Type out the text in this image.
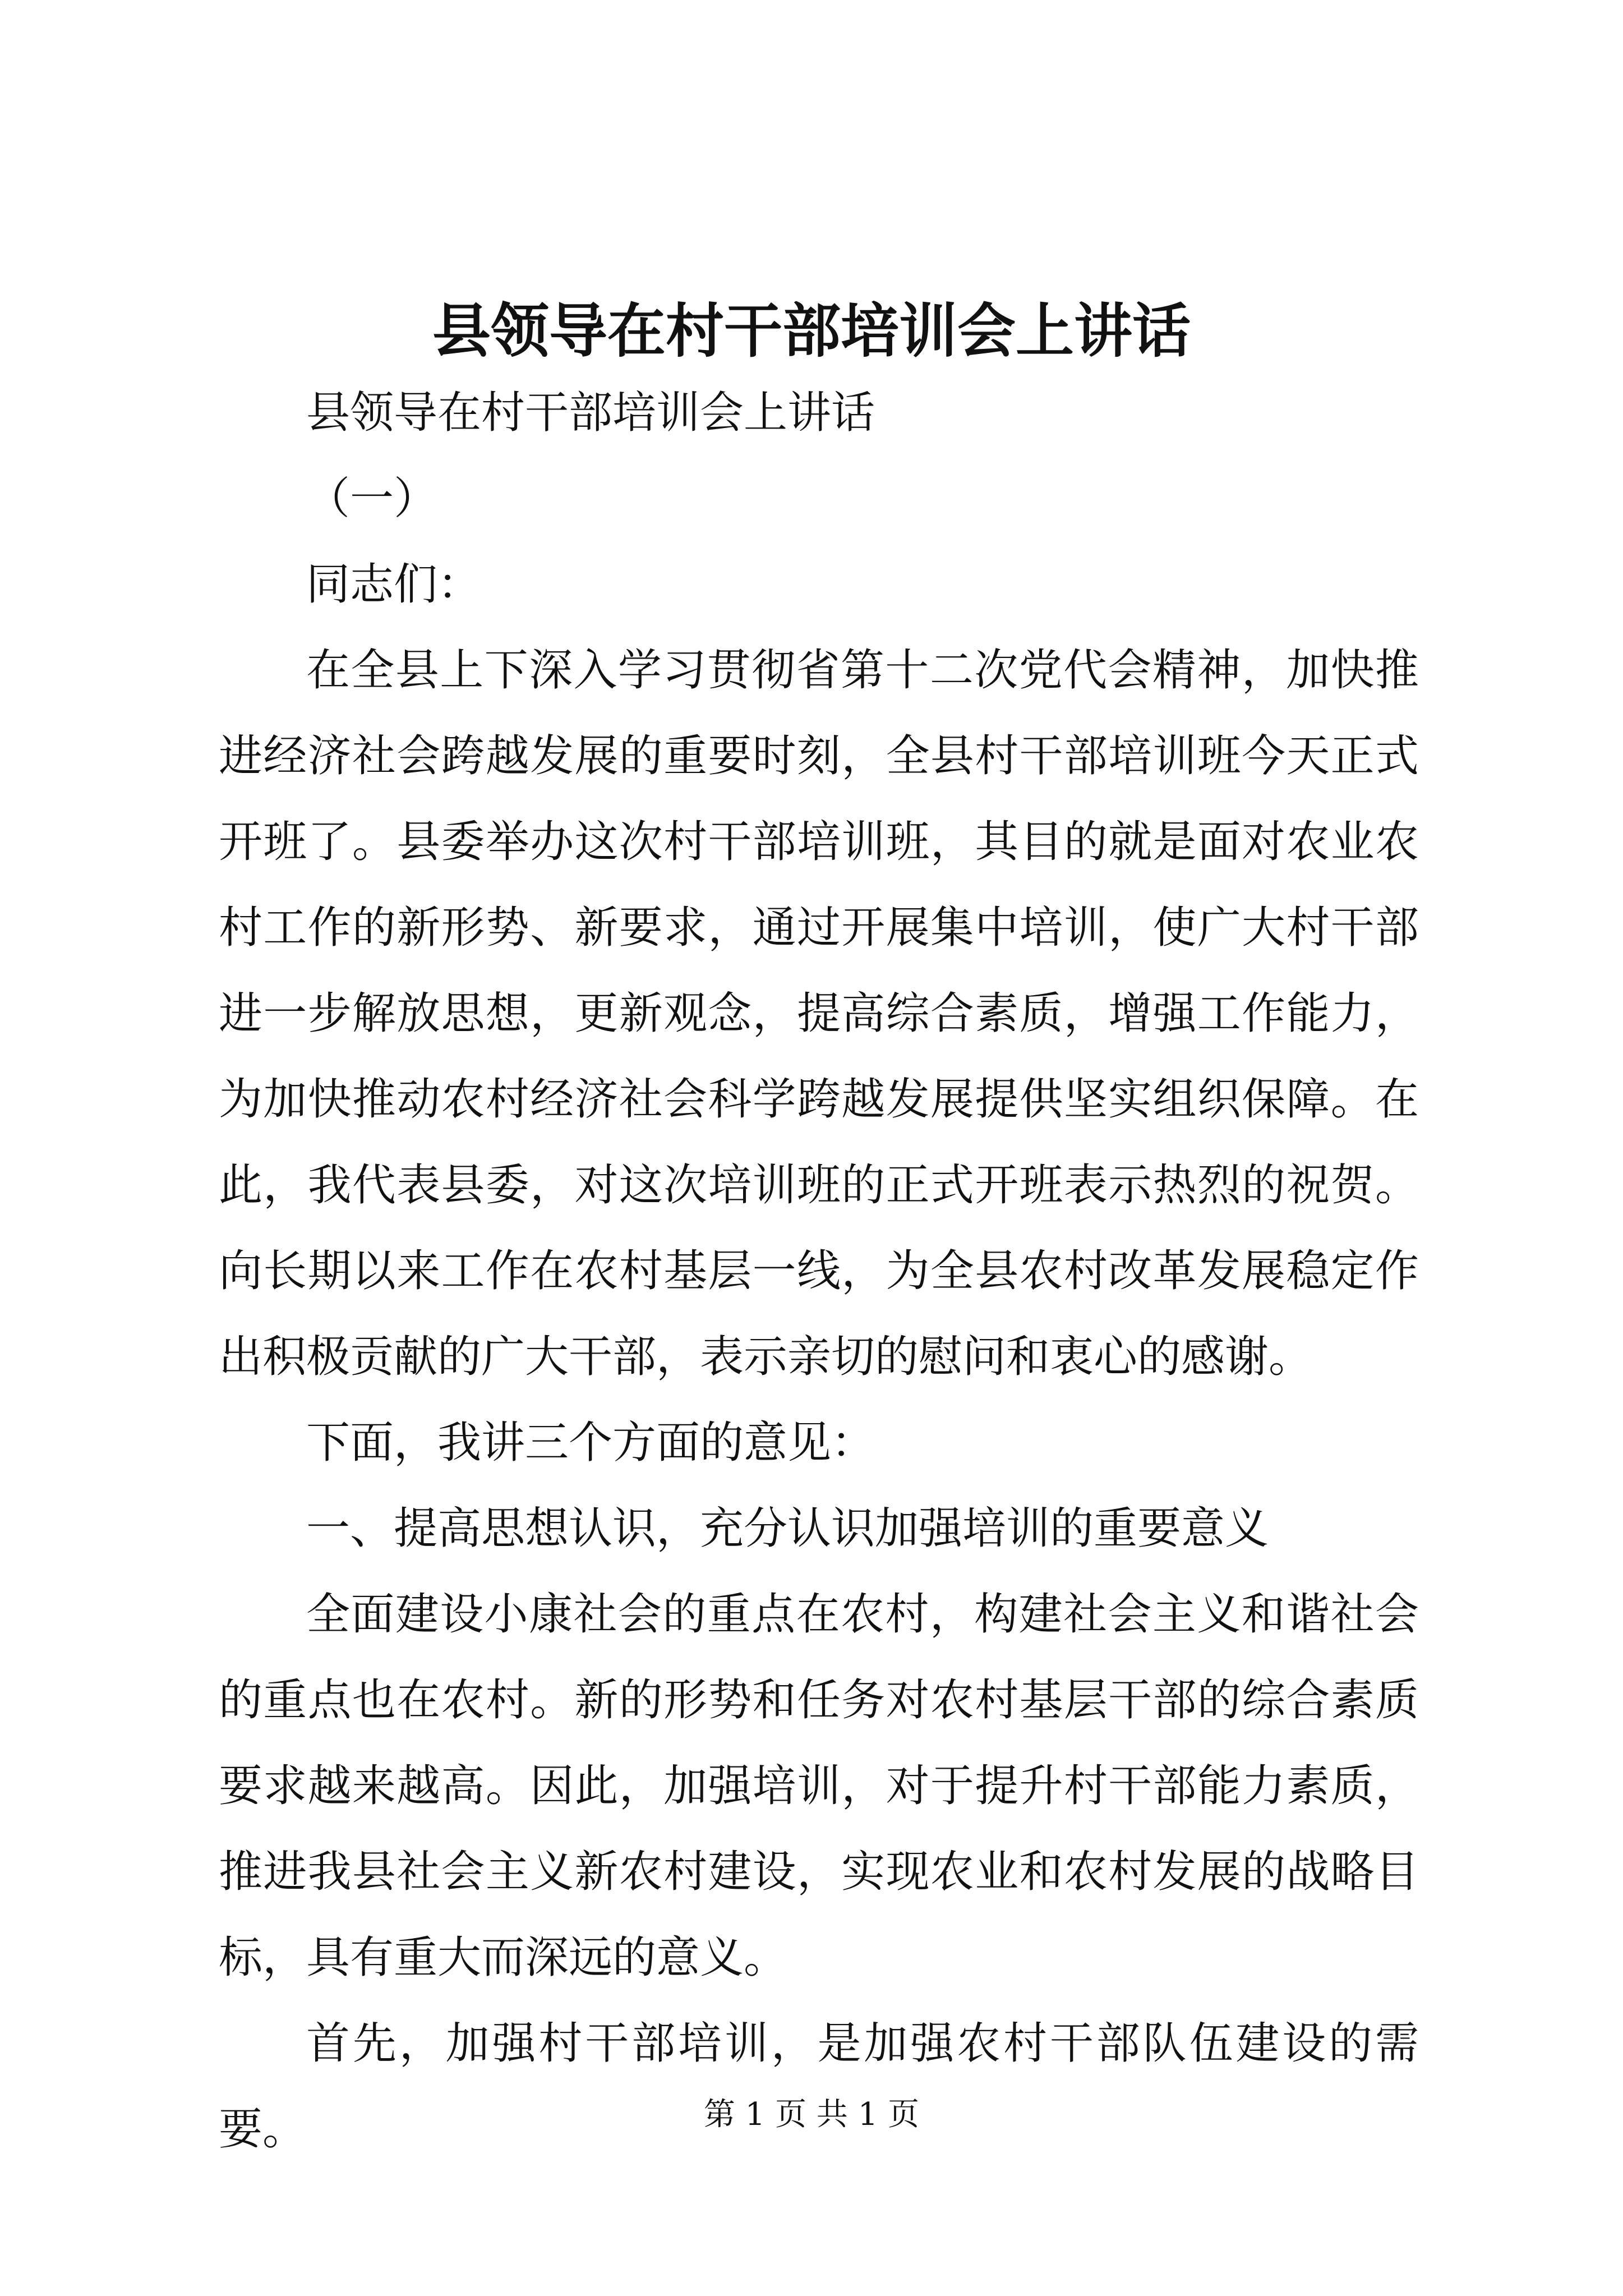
县领导在村干部培训会上讲话

县领导在村干部培训会上讲话

（一）

同志们：

在全县上下深入学习贯彻省第十二次党代会精神，加快推进经济社会跨越发展的重要时刻，全县村干部培训班今天正式开班了。县委举办这次村干部培训班，其目的就是面对农业农村工作的新形势、新要求，通过开展集中培训，使广大村干部进一步解放思想，更新观念，提高综合素质，增强工作能力，为加快推动农村经济社会科学跨越发展提供坚实组织保障。在此，我代表县委，对这次培训班的正式开班表示热烈的祝贺。向长期以来工作在农村基层一线，为全县农村改革发展稳定作出积极贡献的广大干部，表示亲切的慰问和衷心的感谢。

下面，我讲三个方面的意见：

一、提高思想认识，充分认识加强培训的重要意义

全面建设小康社会的重点在农村，构建社会主义和谐社会的重点也在农村。新的形势和任务对农村基层干部的综合素质要求越来越高。因此，加强培训，对于提升村干部能力素质，推进我县社会主义新农村建设，实现农业和农村发展的战略目标，具有重大而深远的意义。

首先，加强村干部培训，是加强农村干部队伍建设的需要。	第 1 页 共 1 页
